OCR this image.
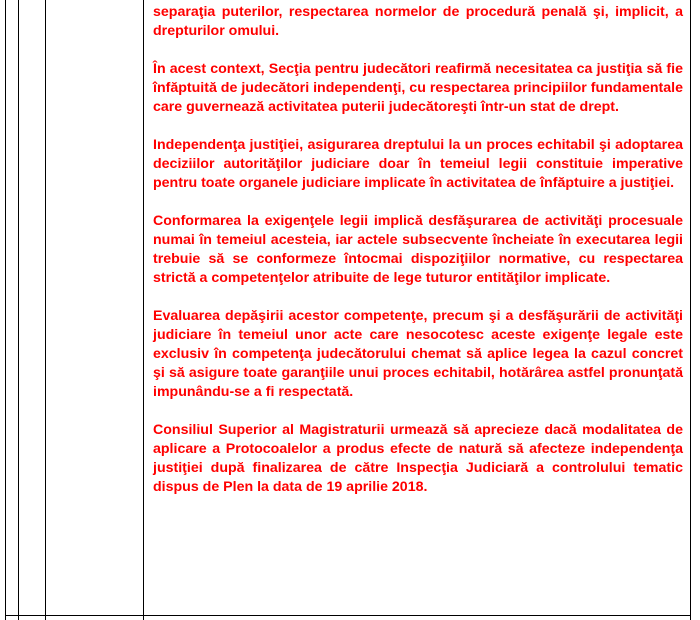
separaţia puterilor, respectarea normelor de procedură penală şi, implicit, a drepturilor omului.

În acest context, Secţia pentru judecători reafirmă necesitatea ca justiţia să fie înfăptuită de judecători independenţi, cu respectarea principiilor fundamentale care guvernează activitatea puterii judecătoreşti într-un stat de drept.

Independenţa justiţiei, asigurarea dreptului la un proces echitabil şi adoptarea deciziilor autorităţilor judiciare doar în temeiul legii constituie imperative pentru toate organele judiciare implicate în activitatea de înfăptuire a justiţiei.

Conformarea la exigenţele legii implică desfăşurarea de activităţi procesuale numai în temeiul acesteia, iar actele subsecvente încheiate în executarea legii trebuie să se conformeze întocmai dispoziţiilor normative, cu respectarea strictă a competenţelor atribuite de lege tuturor entităţilor implicate.

Evaluarea depăşirii acestor competenţe, precum şi a desfăşurării de activităţi judiciare în temeiul unor acte care nesocotesc aceste exigenţe legale este exclusiv în competenţa judecătorului chemat să aplice legea la cazul concret şi să asigure toate garanţiile unui proces echitabil, hotărârea astfel pronunţată impunându-se a fi respectată.

Consiliul Superior al Magistraturii urmează să aprecieze dacă modalitatea de aplicare a Protocoalelor a produs efecte de natură să afecteze independenţa justiţiei după finalizarea de către Inspecţia Judiciară a controlului tematic dispus de Plen la data de 19 aprilie 2018.
